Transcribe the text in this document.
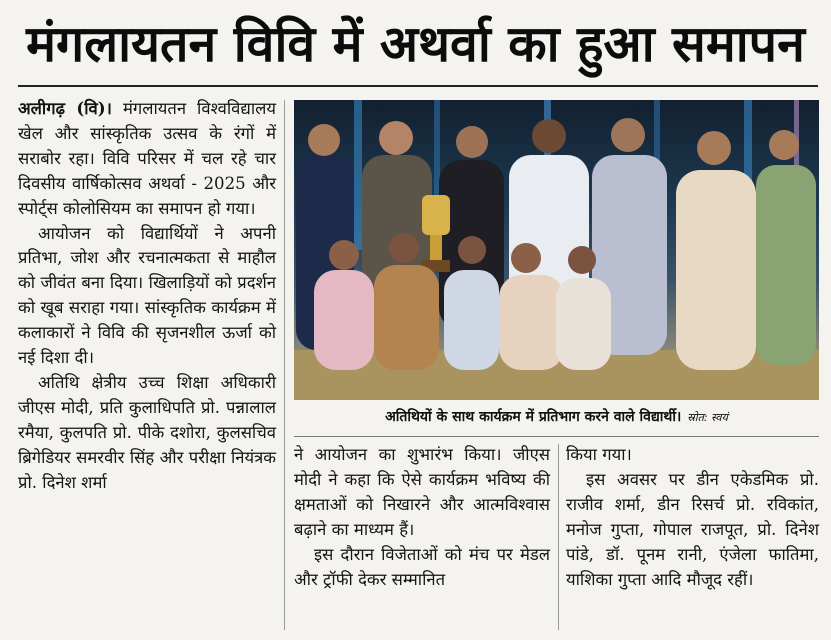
मंगलायतन विवि में अथर्वा का हुआ समापन

अलीगढ़ (वि)। मंगलायतन विश्वविद्यालय खेल और सांस्कृतिक उत्सव के रंगों में सराबोर रहा। विवि परिसर में चल रहे चार दिवसीय वार्षिकोत्सव अथर्वा - 2025 और स्पोर्ट्स कोलोसियम का समापन हो गया।

आयोजन को विद्यार्थियों ने अपनी प्रतिभा, जोश और रचनात्मकता से माहौल को जीवंत बना दिया। खिलाड़ियों को प्रदर्शन को खूब सराहा गया। सांस्कृतिक कार्यक्रम में कलाकारों ने विवि की सृजनशील ऊर्जा को नई दिशा दी।

अतिथि क्षेत्रीय उच्च शिक्षा अधिकारी जीएस मोदी, प्रति कुलाधिपति प्रो. पन्नालाल रमैया, कुलपति प्रो. पीके दशोरा, कुलसचिव ब्रिगेडियर समरवीर सिंह और परीक्षा नियंत्रक प्रो. दिनेश शर्मा

अतिथियों के साथ कार्यक्रम में प्रतिभाग करने वाले विद्यार्थी। स्रोत: स्वयं

ने आयोजन का शुभारंभ किया। जीएस मोदी ने कहा कि ऐसे कार्यक्रम भविष्य की क्षमताओं को निखारने और आत्मविश्वास बढ़ाने का माध्यम हैं।

इस दौरान विजेताओं को मंच पर मेडल और ट्रॉफी देकर सम्मानित

किया गया।

इस अवसर पर डीन एकेडमिक प्रो. राजीव शर्मा, डीन रिसर्च प्रो. रविकांत, मनोज गुप्ता, गोपाल राजपूत, प्रो. दिनेश पांडे, डॉ. पूनम रानी, एंजेला फातिमा, याशिका गुप्ता आदि मौजूद रहीं।
